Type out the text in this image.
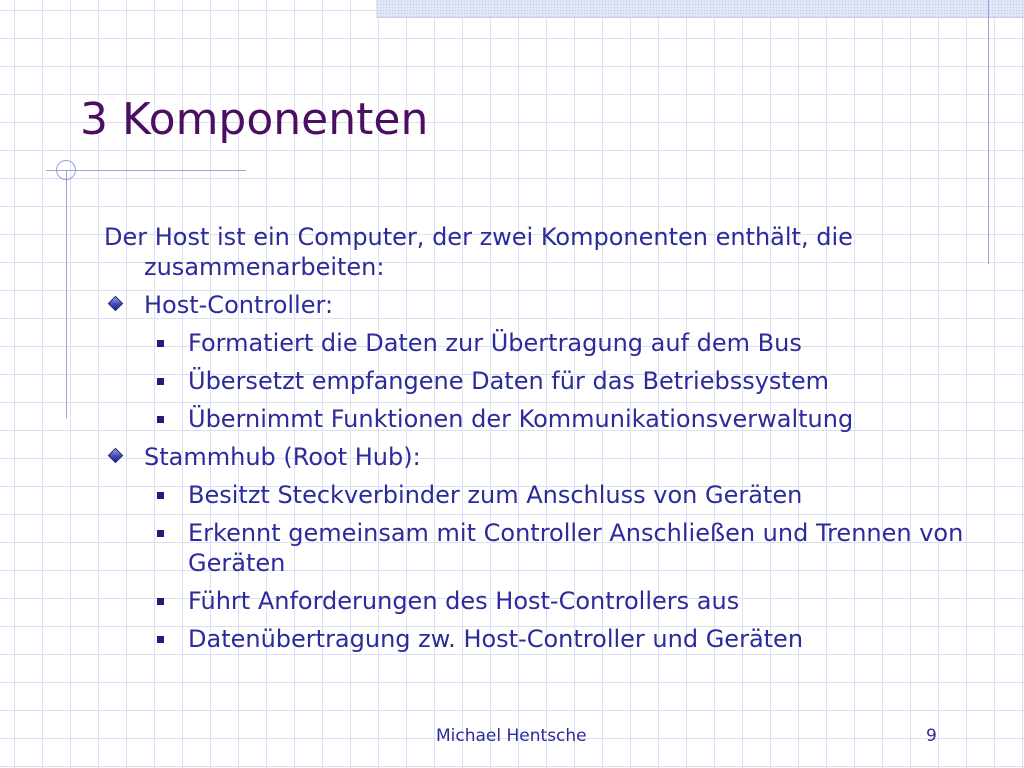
3 Komponenten

Der Host ist ein Computer, der zwei Komponenten enthält, die zusammenarbeiten:

Host-Controller:
Formatiert die Daten zur Übertragung auf dem Bus
Übersetzt empfangene Daten für das Betriebssystem
Übernimmt Funktionen der Kommunikationsverwaltung
Stammhub (Root Hub):
Besitzt Steckverbinder zum Anschluss von Geräten
Erkennt gemeinsam mit Controller Anschließen und Trennen von Geräten
Führt Anforderungen des Host-Controllers aus
Datenübertragung zw. Host-Controller und Geräten
Michael Hentsche	9
